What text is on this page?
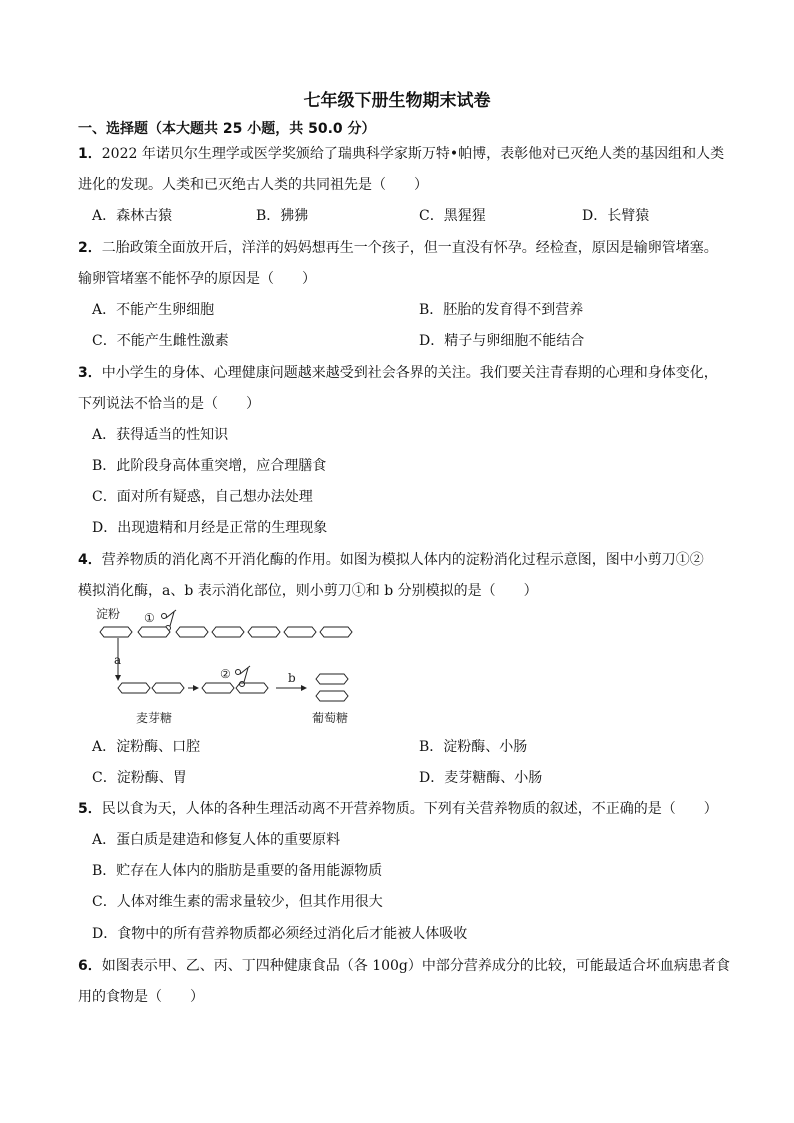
七年级下册生物期末试卷
一、选择题（本大题共 25 小题，共 50.0 分）
1．2022 年诺贝尔生理学或医学奖颁给了瑞典科学家斯万特•帕博，表彰他对已灭绝人类的基因组和人类
进化的发现。人类和已灭绝古人类的共同祖先是（　　）
A．森林古猿	B．狒狒	C．黑猩猩	D．长臂猿
2．二胎政策全面放开后，洋洋的妈妈想再生一个孩子，但一直没有怀孕。经检查，原因是输卵管堵塞。
输卵管堵塞不能怀孕的原因是（　　）
A．不能产生卵细胞	B．胚胎的发育得不到营养
C．不能产生雌性激素	D．精子与卵细胞不能结合
3．中小学生的身体、心理健康问题越来越受到社会各界的关注。我们要关注青春期的心理和身体变化，
下列说法不恰当的是（　　）
A．获得适当的性知识
B．此阶段身高体重突增，应合理膳食
C．面对所有疑惑，自己想办法处理
D．出现遗精和月经是正常的生理现象
4．营养物质的消化离不开消化酶的作用。如图为模拟人体内的淀粉消化过程示意图，图中小剪刀①②
模拟消化酶，a、b 表示消化部位，则小剪刀①和 b 分别模拟的是（　　）
淀粉 ①
a
②	b
麦芽糖	葡萄糖
A．淀粉酶、口腔	B．淀粉酶、小肠
C．淀粉酶、胃	D．麦芽糖酶、小肠
5．民以食为天，人体的各种生理活动离不开营养物质。下列有关营养物质的叙述，不正确的是（　　）
A．蛋白质是建造和修复人体的重要原料
B．贮存在人体内的脂肪是重要的备用能源物质
C．人体对维生素的需求量较少，但其作用很大
D．食物中的所有营养物质都必须经过消化后才能被人体吸收
6．如图表示甲、乙、丙、丁四种健康食品（各 100g）中部分营养成分的比较，可能最适合坏血病患者食
用的食物是（　　）
